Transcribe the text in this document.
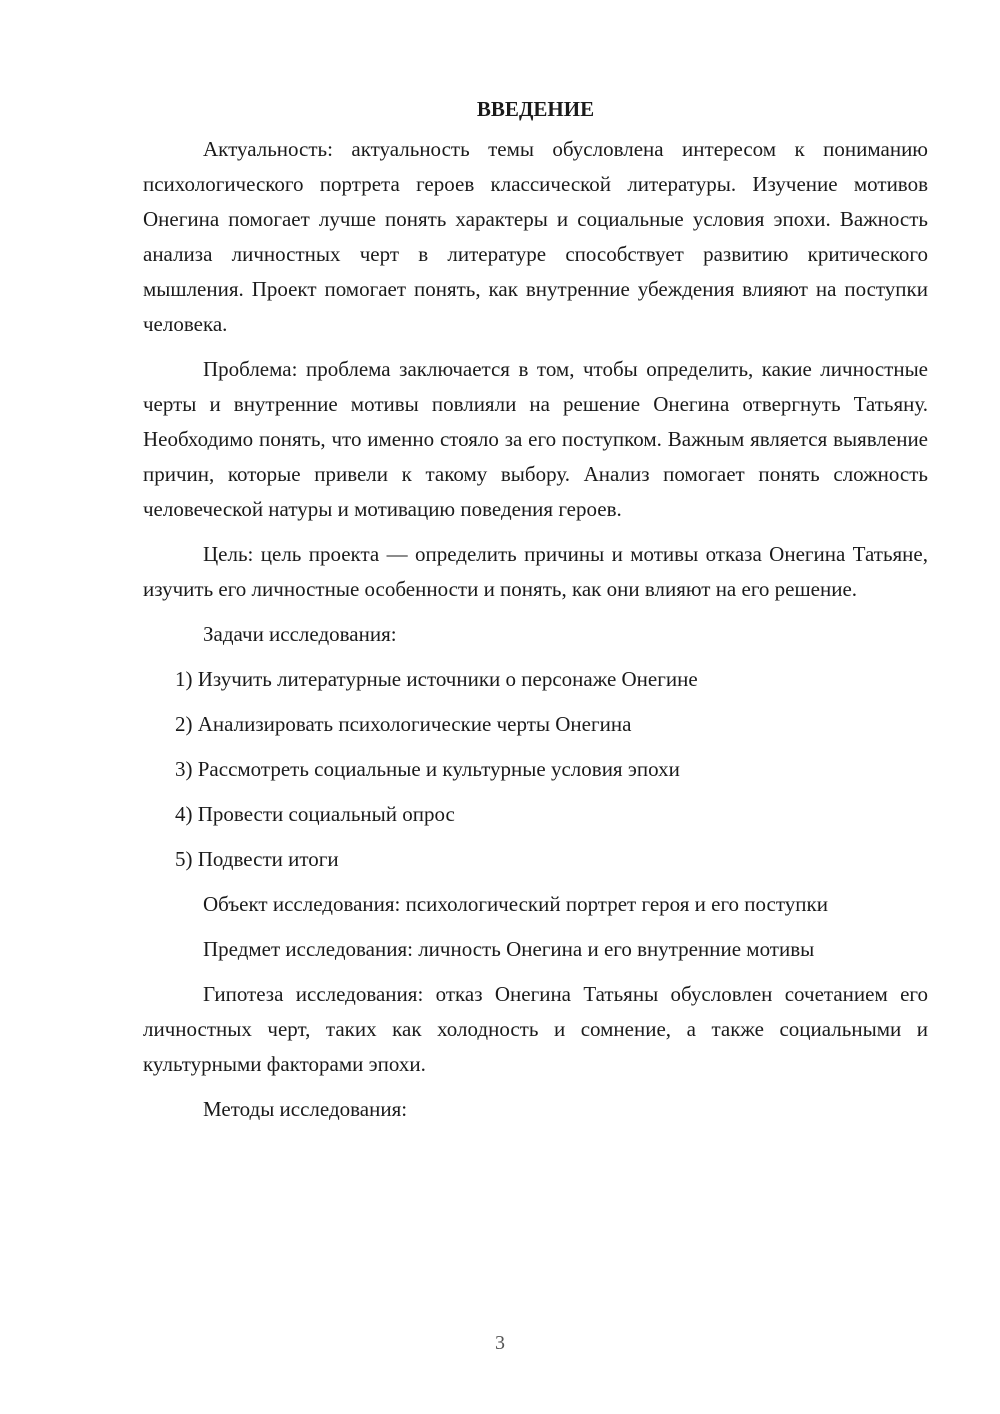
ВВЕДЕНИЕ

Актуальность: актуальность темы обусловлена интересом к пониманию психологического портрета героев классической литературы. Изучение мотивов Онегина помогает лучше понять характеры и социальные условия эпохи. Важность анализа личностных черт в литературе способствует развитию критического мышления. Проект помогает понять, как внутренние убеждения влияют на поступки человека.

Проблема: проблема заключается в том, чтобы определить, какие личностные черты и внутренние мотивы повлияли на решение Онегина отвергнуть Татьяну. Необходимо понять, что именно стояло за его поступком. Важным является выявление причин, которые привели к такому выбору. Анализ помогает понять сложность человеческой натуры и мотивацию поведения героев.

Цель: цель проекта — определить причины и мотивы отказа Онегина Татьяне, изучить его личностные особенности и понять, как они влияют на его решение.

Задачи исследования:

1) Изучить литературные источники о персонаже Онегине
2) Анализировать психологические черты Онегина
3) Рассмотреть социальные и культурные условия эпохи
4) Провести социальный опрос
5) Подвести итоги

Объект исследования: психологический портрет героя и его поступки

Предмет исследования: личность Онегина и его внутренние мотивы

Гипотеза исследования: отказ Онегина Татьяны обусловлен сочетанием его личностных черт, таких как холодность и сомнение, а также социальными и культурными факторами эпохи.

Методы исследования:

3
